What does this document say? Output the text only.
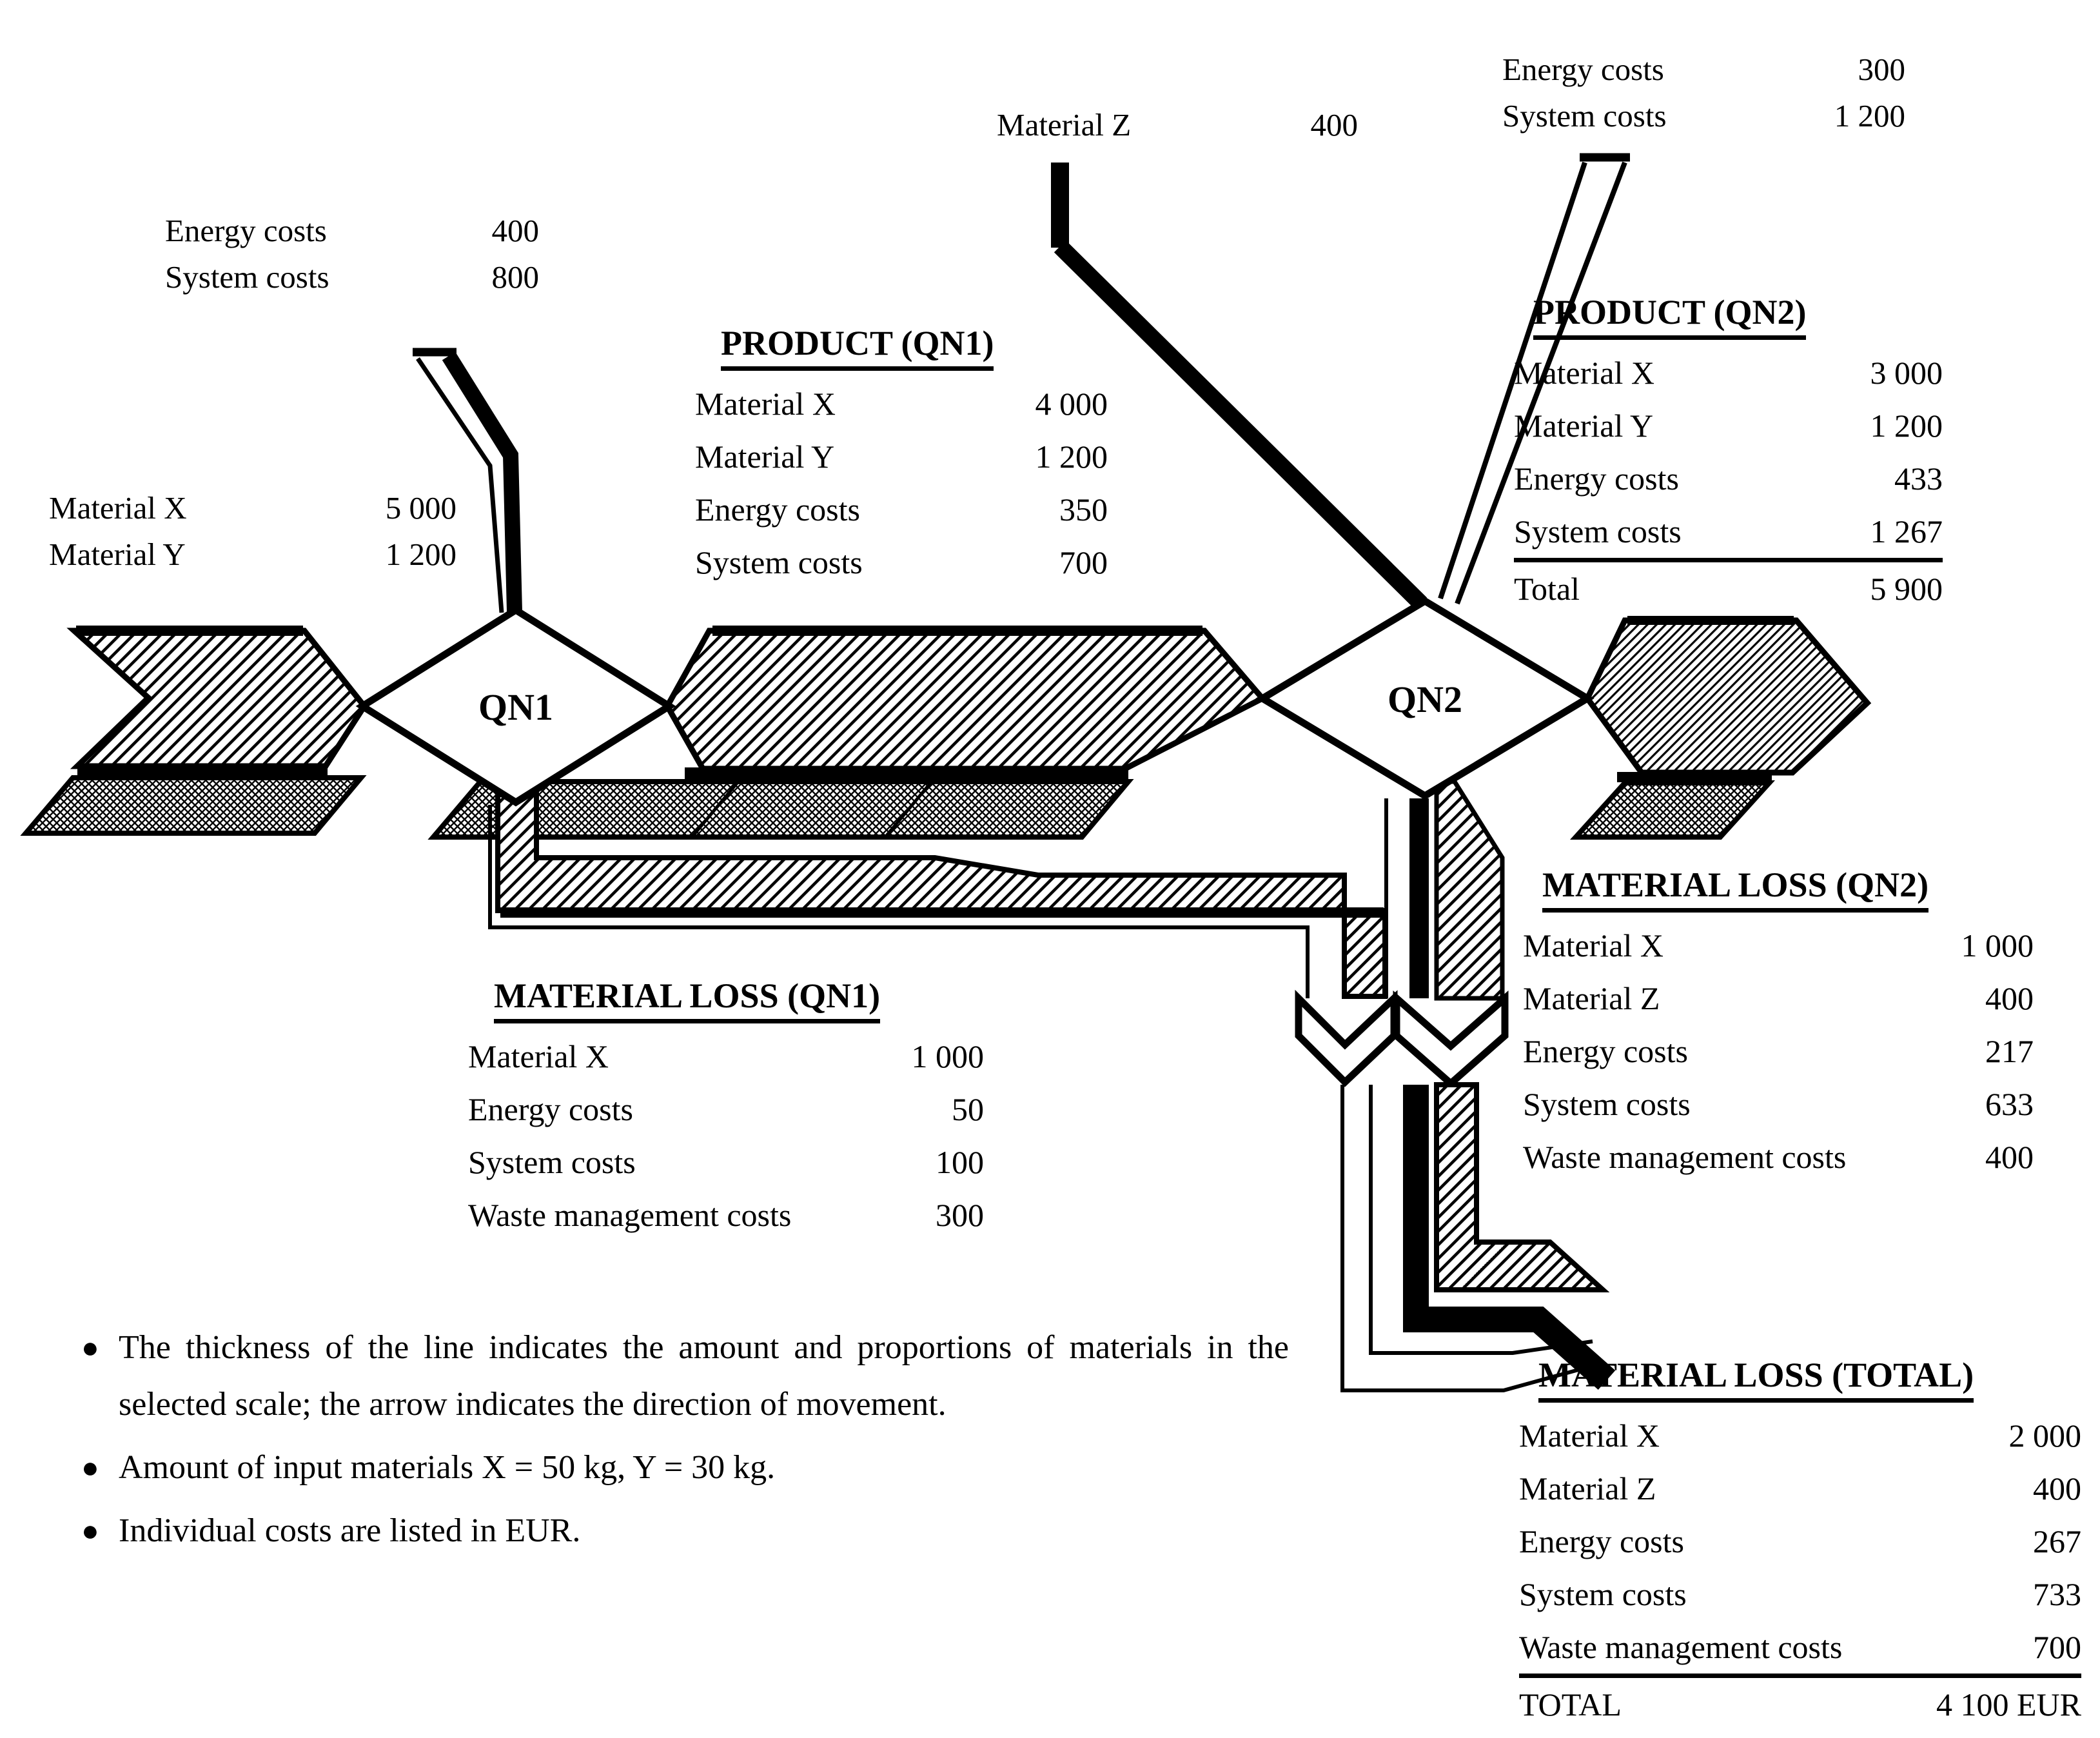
QN1	QN2
Energy costs	400
System costs	800
Material X	5 000
Material Y	1 200
Material Z	400
Energy costs	300
System costs	1 200
PRODUCT (QN1)
Material X	4 000
Material Y	1 200
Energy costs	350
System costs	700
PRODUCT (QN2)
Material X	3 000
Material Y	1 200
Energy costs	433
System costs	1 267
Total	5 900
MATERIAL LOSS (QN1)
Material X	1 000
Energy costs	50
System costs	100
Waste management costs	300
MATERIAL LOSS (QN2)
Material X	1 000
Material Z	400
Energy costs	217
System costs	633
Waste management costs	400
MATERIAL LOSS (TOTAL)
Material X	2 000
Material Z	400
Energy costs	267
System costs	733
Waste management costs	700
TOTAL	4 100 EUR
● The thickness of the line indicates the amount and proportions of materials in the selected scale; the arrow indicates the direction of movement.
● Amount of input materials X = 50 kg, Y = 30 kg.
● Individual costs are listed in EUR.
